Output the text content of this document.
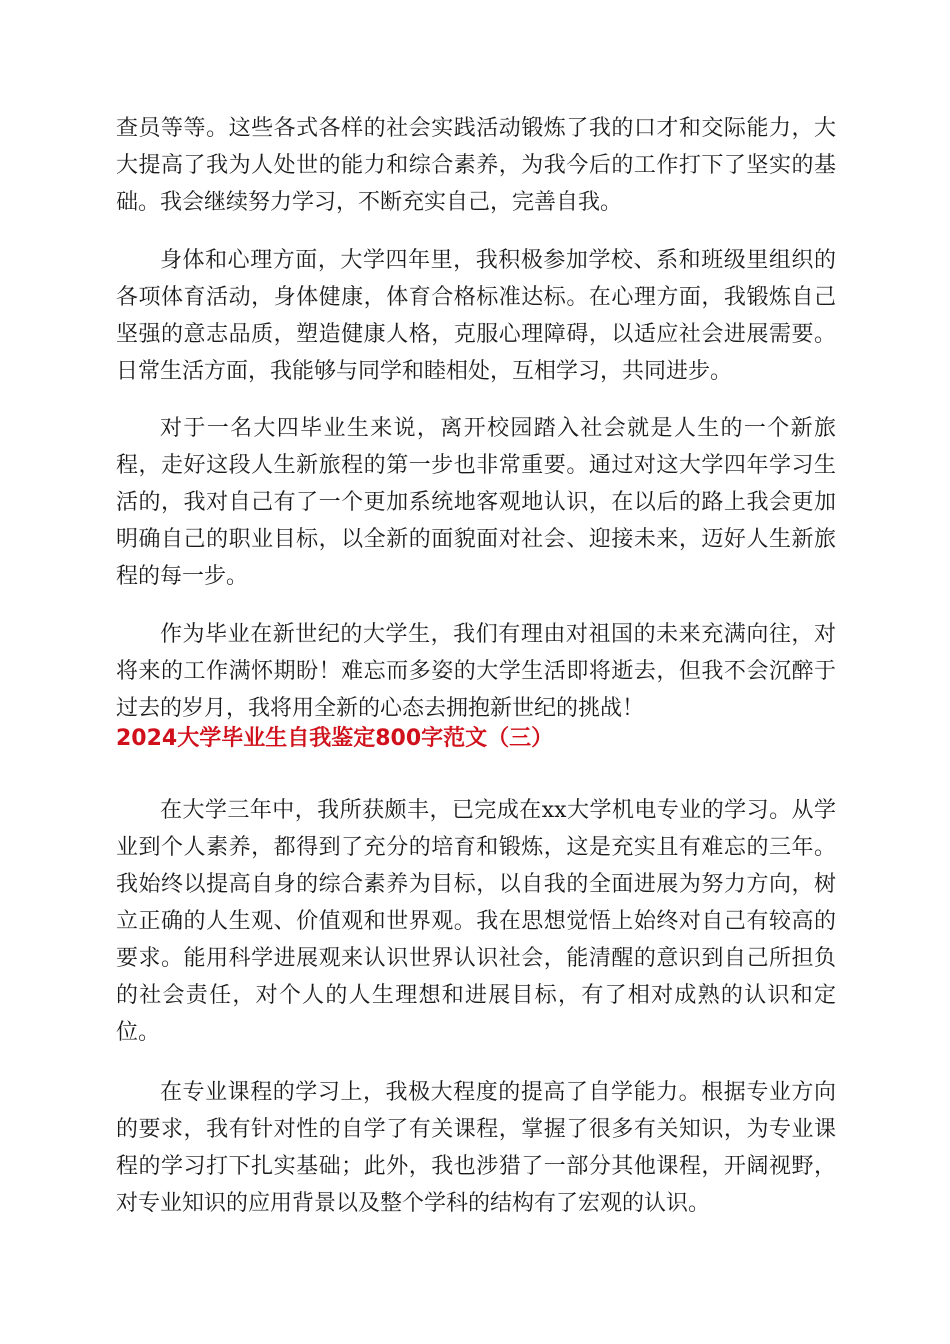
查员等等。这些各式各样的社会实践活动锻炼了我的口才和交际能力，大大提高了我为人处世的能力和综合素养，为我今后的工作打下了坚实的基础。我会继续努力学习，不断充实自己，完善自我。

身体和心理方面，大学四年里，我积极参加学校、系和班级里组织的各项体育活动，身体健康，体育合格标准达标。在心理方面，我锻炼自己坚强的意志品质，塑造健康人格，克服心理障碍，以适应社会进展需要。日常生活方面，我能够与同学和睦相处，互相学习，共同进步。

对于一名大四毕业生来说，离开校园踏入社会就是人生的一个新旅程，走好这段人生新旅程的第一步也非常重要。通过对这大学四年学习生活的，我对自己有了一个更加系统地客观地认识，在以后的路上我会更加明确自己的职业目标，以全新的面貌面对社会、迎接未来，迈好人生新旅程的每一步。

作为毕业在新世纪的大学生，我们有理由对祖国的未来充满向往，对将来的工作满怀期盼！难忘而多姿的大学生活即将逝去，但我不会沉醉于过去的岁月，我将用全新的心态去拥抱新世纪的挑战！

2024大学毕业生自我鉴定800字范文（三）

在大学三年中，我所获颇丰，已完成在xx大学机电专业的学习。从学业到个人素养，都得到了充分的培育和锻炼，这是充实且有难忘的三年。我始终以提高自身的综合素养为目标，以自我的全面进展为努力方向，树立正确的人生观、价值观和世界观。我在思想觉悟上始终对自己有较高的要求。能用科学进展观来认识世界认识社会，能清醒的意识到自己所担负的社会责任，对个人的人生理想和进展目标，有了相对成熟的认识和定位。

在专业课程的学习上，我极大程度的提高了自学能力。根据专业方向的要求，我有针对性的自学了有关课程，掌握了很多有关知识，为专业课程的学习打下扎实基础；此外，我也涉猎了一部分其他课程，开阔视野，对专业知识的应用背景以及整个学科的结构有了宏观的认识。
